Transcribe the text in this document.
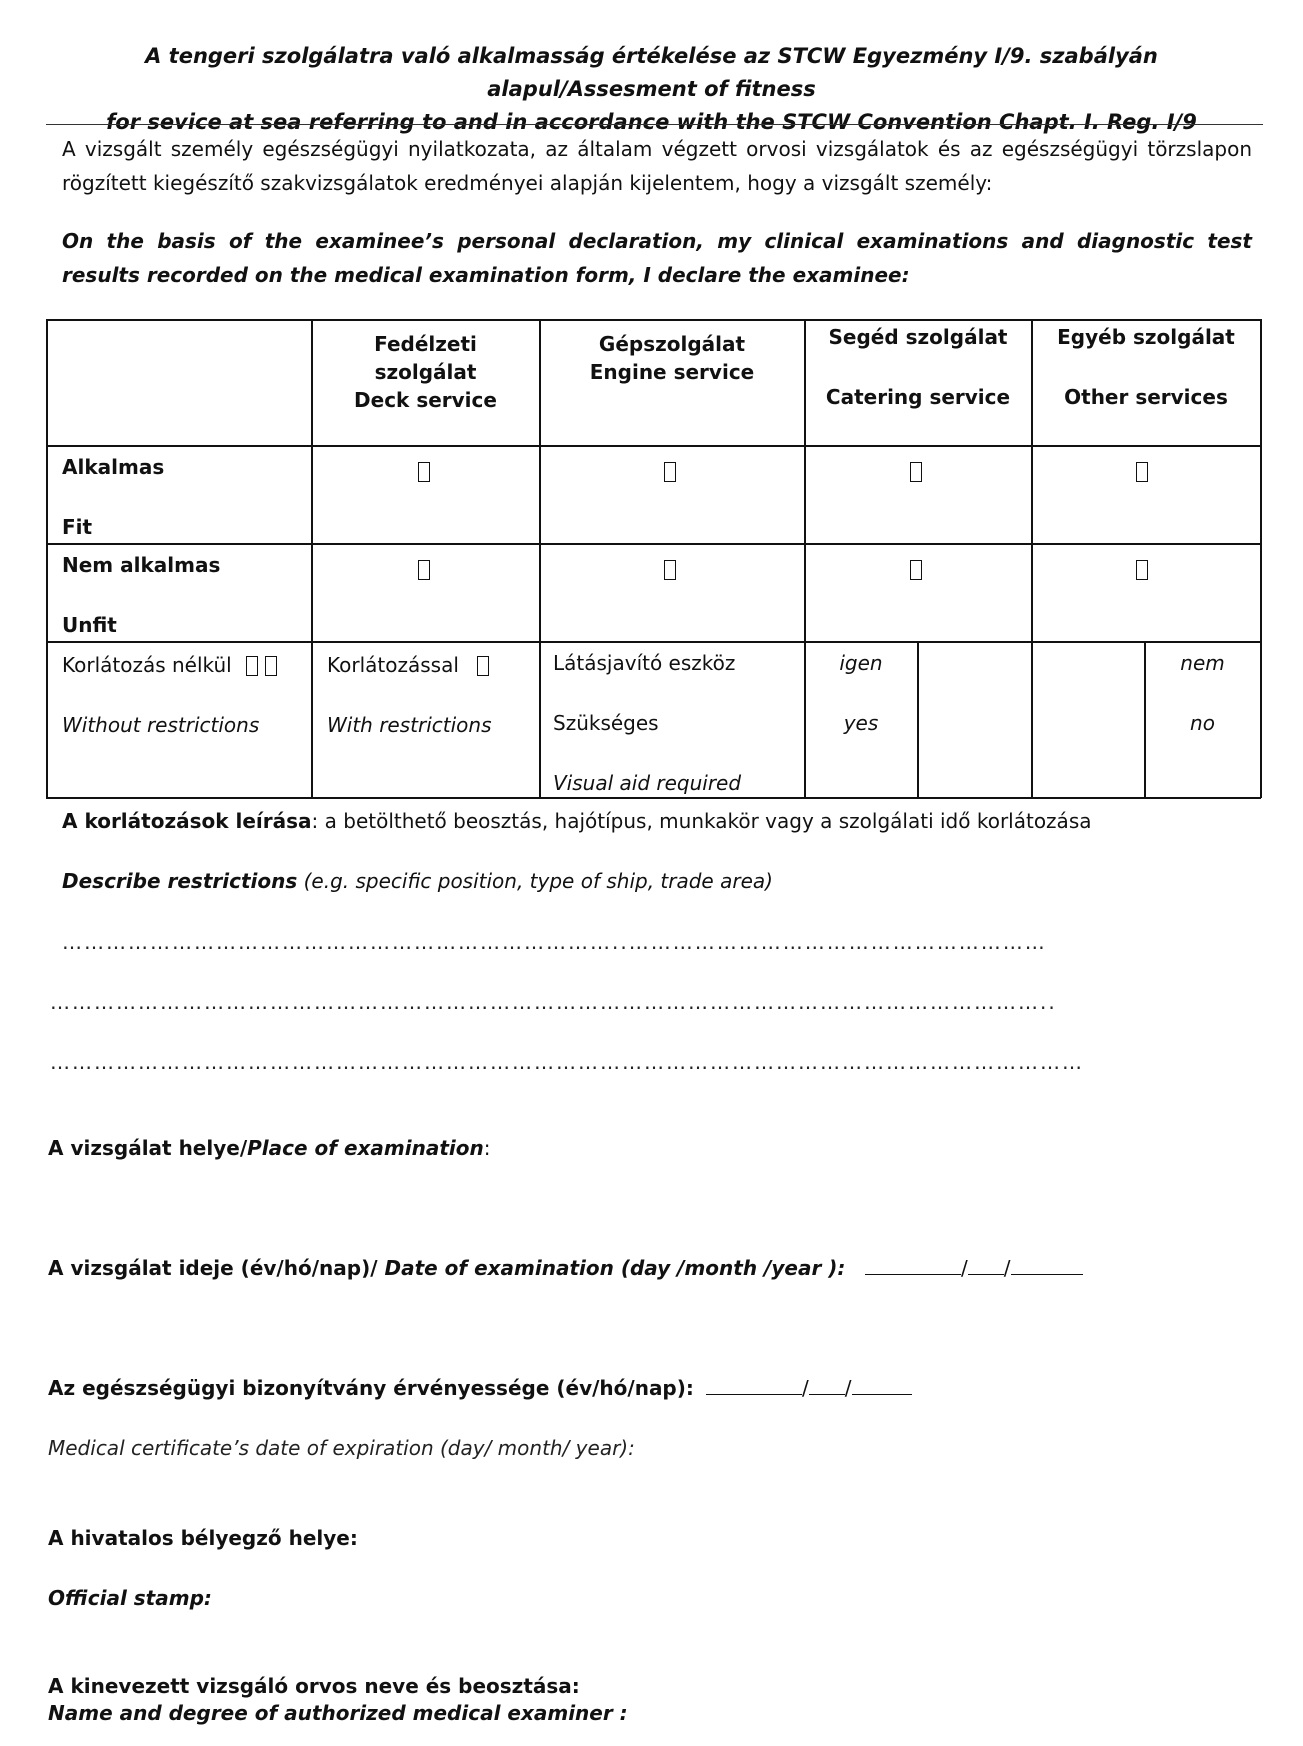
A tengeri szolgálatra való alkalmasság értékelése az STCW Egyezmény I/9. szabályán alapul/Assesment of fitness
for sevice at sea referring to and in accordance with the STCW Convention Chapt. I. Reg. I/9
A vizsgált személy egészségügyi nyilatkozata, az általam végzett orvosi vizsgálatok és az egészségügyi törzslapon rögzített kiegészítő szakvizsgálatok eredményei alapján kijelentem, hogy a vizsgált személy:
On the basis of the examinee’s personal declaration, my clinical examinations and diagnostic test results recorded on the medical examination form, I declare the examinee:
Fedélzeti
szolgálat
Deck service
Gépszolgálat
Engine service
Segéd szolgálat
Catering service
Egyéb szolgálat
Other services
Alkalmas
Fit
Nem alkalmas
Unfit
Korlátozás nélkül
Without restrictions
Korlátozással
With restrictions
Látásjavító eszköz
Szükséges
Visual aid required
igen
yes
nem
no
A korlátozások leírása: a betölthető beosztás, hajótípus, munkakör vagy a szolgálati idő korlátozása
Describe restrictions (e.g. specific position, type of ship, trade area)
…………………………………………………………………..…………………………………………………
………………………………………………………………………………………………………………………..
……………………………………………………………………………………………………………………………
A vizsgálat helye/Place of examination:
A vizsgálat ideje (év/hó/nap)/ Date of examination (day /month /year ):	/ /
Az egészségügyi bizonyítvány érvényessége (év/hó/nap):	/ /
Medical certificate’s date of expiration (day/ month/ year):
A hivatalos bélyegző helye:
Official stamp:
A kinevezett vizsgáló orvos neve és beosztása:
Name and degree of authorized medical examiner :
